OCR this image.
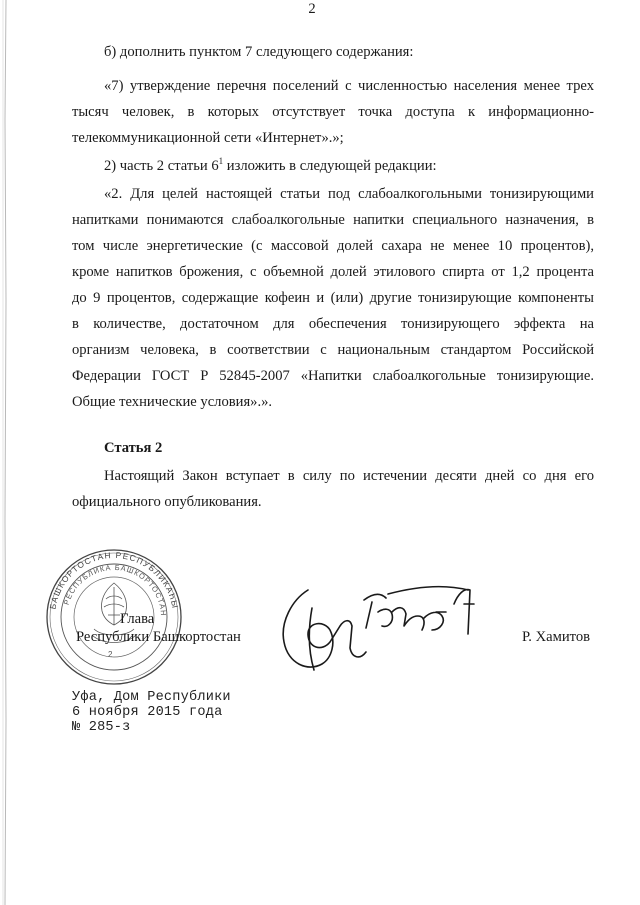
2
б) дополнить пунктом 7 следующего содержания:
«7) утверждение перечня поселений с численностью населения менее трех
тысяч человек, в которых отсутствует точка доступа к информационно-
телекоммуникационной сети «Интернет».»;
2) часть 2 статьи $6^1$ изложить в следующей редакции:
«2. Для целей настоящей статьи под слабоалкогольными тонизирующими
напитками понимаются слабоалкогольные напитки специального назначения, в
том числе энергетические (с массовой долей сахара не менее 10 процентов),
кроме напитков брожения, с объемной долей этилового спирта от 1,2 процента
до 9 процентов, содержащие кофеин и (или) другие тонизирующие компоненты
в количестве, достаточном для обеспечения тонизирующего эффекта на
организм человека, в соответствии с национальным стандартом Российской
Федерации ГОСТ Р 52845-2007 «Напитки слабоалкогольные тонизирующие.
Общие технические условия».».
Статья 2
Настоящий Закон вступает в силу по истечении десяти дней со дня его
официального опубликования.
БАШКОРТОСТАН РЕСПУБЛИКАҺЫ
РЕСПУБЛИКА БАШКОРТОСТАН
2
Глава
Республики Башкортостан	Р. Хамитов
Уфа, Дом Республики
6 ноября 2015 года
№ 285-з
